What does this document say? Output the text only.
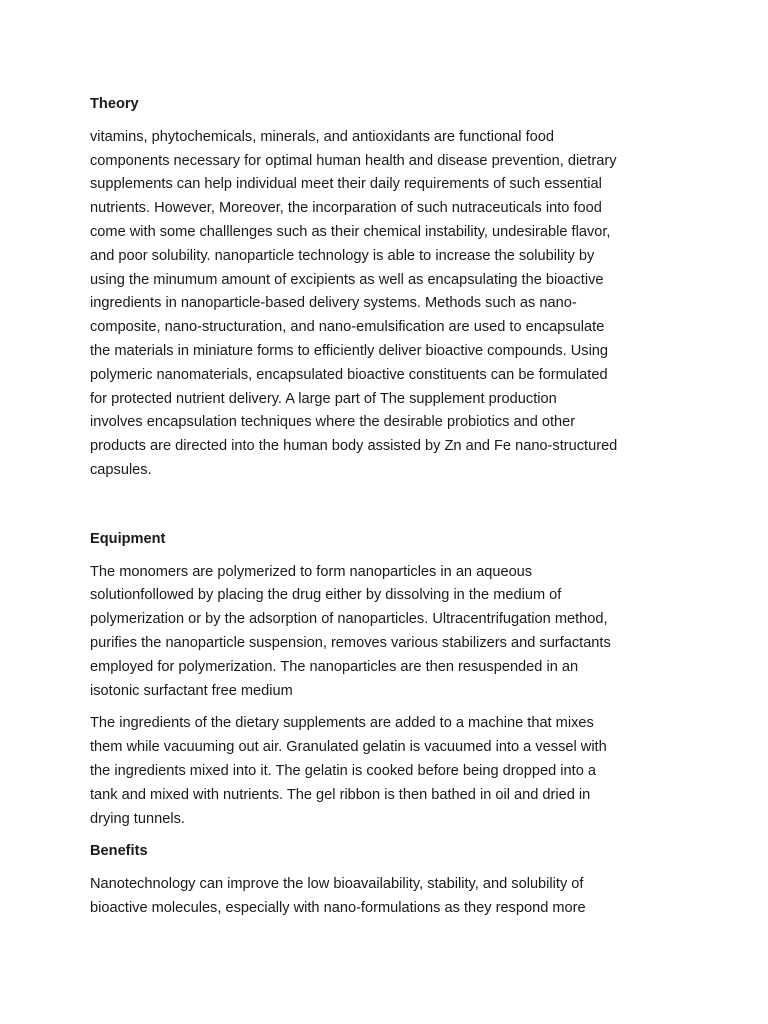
Theory

vitamins, phytochemicals, minerals, and antioxidants are functional food
components necessary for optimal human health and disease prevention, dietrary
supplements can help individual meet their daily requirements of such essential
nutrients. However, Moreover, the incorparation of such nutraceuticals into food
come with some challlenges such as their chemical instability, undesirable flavor,
and poor solubility. nanoparticle technology is able to increase the solubility by
using the minumum amount of excipients as well as encapsulating the bioactive
ingredients in nanoparticle-based delivery systems. Methods such as nano-
composite, nano-structuration, and nano-emulsification are used to encapsulate
the materials in miniature forms to efficiently deliver bioactive compounds. Using
polymeric nanomaterials, encapsulated bioactive constituents can be formulated
for protected nutrient delivery. A large part of The supplement production
involves encapsulation techniques where the desirable probiotics and other
products are directed into the human body assisted by Zn and Fe nano-structured
capsules.

Equipment

The monomers are polymerized to form nanoparticles in an aqueous
solutionfollowed by placing the drug either by dissolving in the medium of
polymerization or by the adsorption of nanoparticles. Ultracentrifugation method,
purifies the nanoparticle suspension, removes various stabilizers and surfactants
employed for polymerization. The nanoparticles are then resuspended in an
isotonic surfactant free medium

The ingredients of the dietary supplements are added to a machine that mixes
them while vacuuming out air. Granulated gelatin is vacuumed into a vessel with
the ingredients mixed into it. The gelatin is cooked before being dropped into a
tank and mixed with nutrients. The gel ribbon is then bathed in oil and dried in
drying tunnels.

Benefits

Nanotechnology can improve the low bioavailability, stability, and solubility of
bioactive molecules, especially with nano-formulations as they respond more
